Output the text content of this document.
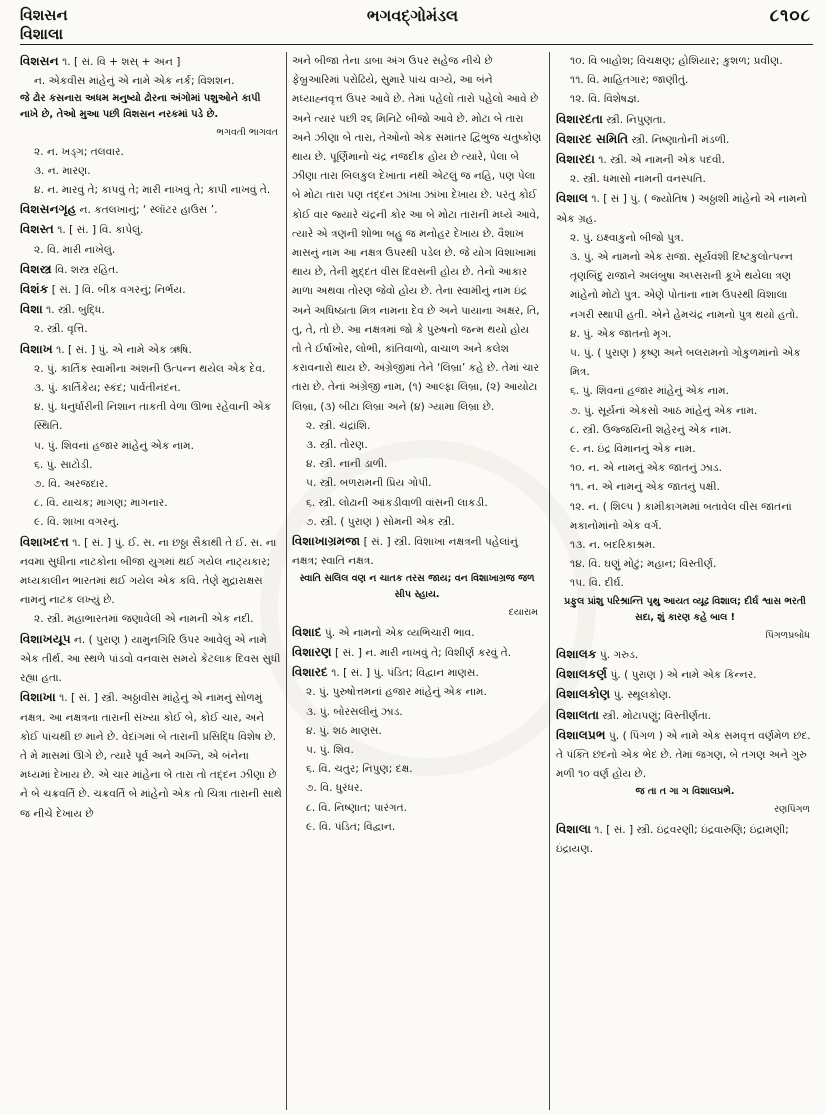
વિશસન
વિશાલા
ભગવદ્ગોમંડલ	૮૧૦૮
વિશસન ૧. [ સં. વિ + શસ્ + અન ]
ન. એકવીસ માંહેનું એ નામે એક નર્ક; વિશશન.
જે ઢોર કસનારા અધમ મનુષ્યો ઢોરના અંગોમાં પશુઓને કાપી નાખે છે, તેઓ મુઆ પછી વિશસન નરકમાં પડે છે.
ભગવતી ભાગવત
૨. ન. ખડ્ગ; તલવાર.
૩. ન. મારણ.
૪. ન. મારવું તે; કાપવું તે; મારી નાખવું તે; કાપી નાખવું તે.
વિશસનગૃહ ન. કતલખાનું; ‘ સ્લૉટર હાઉસ ’.
વિશસ્ત ૧. [ સં. ] વિ. કાપેલું.
૨. વિ. મારી નાખેલું.
વિશસ્ત્ર વિ. શસ્ત્ર રહિત.
વિશંક [ સં. ] વિ. બીક વગરનું; નિર્ભય.
વિશા ૧. સ્ત્રી. બુદ્ધિ.
૨. સ્ત્રી. વૃત્તિ.
વિશાખ ૧. [ સં. ] પું. એ નામે એક ઋષિ.
૨. પું. કાર્તિક સ્વામીના અંશની ઉત્પન્ન થયેલ એક દેવ.
૩. પું. કાર્તિકેય; સ્કંદ; પાર્વતીનંદન.
૪. પું. ધનુર્ધારીની નિશાન તાકતી વેળા ઊભા રહેવાની એક સ્થિતિ.
૫. પું. શિવનાં હજાર માંહેનું એક નામ.
૬. પું. સાટોડી.
૭. વિ. અરજદાર.
૮. વિ. યાચક; માગણ; માગનાર.
૯. વિ. શાખા વગરનું.
વિશાખદત્ત ૧. [ સં. ] પું. ઈ. સ. ના છઠ્ઠા સૈકાથી તે ઈ. સ. ના નવમા સુધીના નાટકોના બીજા યુગમાં થઈ ગયેલ નાટ્યકાર; મધ્યકાલીન ભારતમાં થઈ ગયેલ એક કવિ. તેણે મુદ્રારાક્ષસ નામનું નાટક લખ્યું છે.
૨. સ્ત્રી. મહાભારતમાં જણાવેલી એ નામની એક નદી.
વિશાખયૂપ ન. ( પુરાણ ) યામુનગિરિ ઉપર આવેલું એ નામે એક તીર્થ. આ સ્થળે પાંડવો વનવાસ સમયે કેટલાક દિવસ સુધી રહ્યા હતા.
વિશાખા ૧. [ સં. ] સ્ત્રી. અઠ્ઠાવીસ માંહેનું એ નામનું સોળમું નક્ષત્ર. આ નક્ષત્રના તારાની સંખ્યા કોઈ બે, કોઈ ચાર, અને કોઈ પાંચથી છ માને છે. વેદાંગમાં બે તારાની પ્રસિદ્ધિ વિશેષ છે. તે મે માસમાં ઊગે છે, ત્યારે પૂર્વ અને અગ્નિ, એ બંનેના મધ્યમાં દેખાય છે. એ ચાર માંહેના બે તારા તો તદ્દન ઝીણા છે ને બે ચક્રવર્તિ છે. ચક્રવર્તિ બે માંહેનો એક તો ચિત્રા તારાની સાથે જ નીચે દેખાય છે
અને બીજા તેના ડાબા અંગ ઉપર સહેજ નીચે છે ફેબ્રુઆરિમાં પરોઢિયે, સુમારે પાંચ વાગ્યે, આ બંને મધ્યાહ્નવૃત્ત ઉપર આવે છે. તેમાં પહેલો તારો પહેલો આવે છે અને ત્યાર પછી ૨૬ મિનિટે બીજો આવે છે. મોટા બે તારા અને ઝીણા બે તારા, તેઓનો એક સમાંતર દ્વિભુજ ચતુષ્કોણ થાય છે. પૂર્ણિમાનો ચંદ્ર નજદીક હોય છે ત્યારે, પેલા બે ઝીણા તારા બિલકુલ દેખાતા નથી એટલું જ નહિ, પણ પેલા બે મોટા તારા પણ તદ્દન ઝાંખા ઝાંખા દેખાય છે. પરંતુ કોઈ કોઈ વાર જ્યારે ચંદ્રની કોર આ બે મોટા તારાની મધ્યે આવે, ત્યારે એ ત્રણની શોભા બહુ જ મનોહર દેખાય છે. વૈશાખ માસનું નામ આ નક્ષત્ર ઉપરથી પડેલ છે. જે યોગ વિશાખામાં થાય છે, તેની મુદ્દત વીસ દિવસની હોય છે. તેનો આકાર માળા અથવા તોરણ જેવો હોય છે. તેના સ્વામીનું નામ ઇંદ્ર અને અધિષ્ઠાતા મિત્ર નામના દેવ છે અને પાયાના અક્ષર, તિ, તુ, તે, તો છે. આ નક્ષત્રમાં જો કે પુરુષનો જન્મ થયો હોય તો તે ઈર્ષાખોર, લોભી, કાંતિવાળો, વાચાળ અને કલેશ કરાવનારો થાય છે. અંગ્રેજીમાં તેને ‘લિબ્રા’ કહે છે. તેમાં ચાર તારા છે. તેનાં અંગ્રેજી નામ, (૧) આલ્ફા લિબ્રા, (૨) આયોટા લિબ્રા, (૩) બીટા લિબ્રા અને (૪) ગ્યામા લિબ્રા છે.
૨. સ્ત્રી. ચંદ્રાંશિ.
૩. સ્ત્રી. તોરણ.
૪. સ્ત્રી. નાની ડાળી.
૫. સ્ત્રી. બળરામની પ્રિય ગોપી.
૬. સ્ત્રી. લોઢાની આંકડીવાળી વાંસની લાકડી.
૭. સ્ત્રી. ( પુરાણ ) સોમની એક સ્ત્રી.
વિશાખાગ્રમજા [ સં. ] સ્ત્રી. વિશાખા નક્ષત્રની પહેલાંનું નક્ષત્ર; સ્વાતિ નક્ષત્ર.
સ્વાતિ સલિલ વણ ન ચાતક તરસ જાય; વન વિશાખાગ્રજ જળ સીપ સ્હાય.
દયારામ
વિશાદ પું. એ નામનો એક વ્યભિચારી ભાવ.
વિશારણ [ સં. ] ન. મારી નાખવું તે; વિશીર્ણ કરવું તે.
વિશારદ ૧. [ સં. ] પું. પંડિત; વિદ્વાન માણસ.
૨. પું. પુરુષોત્તમનાં હજાર માંહેનું એક નામ.
૩. પું. બોરસલીનું ઝાડ.
૪. પું. શઠ માણસ.
૫. પું. શિવ.
૬. વિ. ચતુર; નિપુણ; દક્ષ.
૭. વિ. ધુરંધર.
૮. વિ. નિષ્ણાત; પારંગત.
૯. વિ. પંડિત; વિદ્વાન.
૧૦. વિ બાહોશ; વિચક્ષણ; હોશિયાર; કુશળ; પ્રવીણ.
૧૧. વિ. માહિતગાર; જાણીતું.
૧૨. વિ. વિશેષજ્ઞ.
વિશારદતા સ્ત્રી. નિપુણતા.
વિશારદ સમિતિ સ્ત્રી. નિષ્ણાતોની મંડળી.
વિશારદા ૧. સ્ત્રી. એ નામની એક પદવી.
૨. સ્ત્રી. ધમાસો નામની વનસ્પતિ.
વિશાલ ૧. [ સં ] પું. ( જ્યોતિષ ) અઠ્ઠાશી માંહેનો એ નામનો એક ગ્રહ.
૨. પું. ઇક્ષ્વાકુનો બીજો પુત્ર.
૩. પું. એ નામનો એક રાજા. સૂર્યવંશી દિષ્ટકુલોત્પન્ન તૃણબિંદુ રાજાને અલંબુષા અપ્સરાની કૂખે થયેલા ત્રણ માંહેનો મોટો પુત્ર. એણે પોતાના નામ ઉપરથી વિશાલા નગરી સ્થાપી હતી. એને હેમચંદ્ર નામનો પુત્ર થયો હતો.
૪. પું. એક જાતનો મૃગ.
૫. પું. ( પુરાણ ) કૃષ્ણ અને બલરામનો ગોકુળમાંનો એક મિત્ર.
૬. પું. શિવનાં હજાર માંહેનું એક નામ.
૭. પું. સૂર્યનાં એકસો આઠ માંહેનું એક નામ.
૮. સ્ત્રી. ઉજ્જયિની શહેરનું એક નામ.
૯. ન. ઇંદ્ર વિમાનનું એક નામ.
૧૦. ન. એ નામનું એક જાતનું ઝાડ.
૧૧. ન. એ નામનું એક જાતનું પક્ષી.
૧૨. ન. ( શિલ્પ ) કામીકાગમમાં બતાવેલ વીસ જાતનાં મકાનોમાંનો એક વર્ગ.
૧૩. ન. બદરિકાશ્રમ.
૧૪. વિ. ઘણું મોટું; મહાન; વિસ્તીર્ણ.
૧૫. વિ. દીર્ઘ.
પ્રફુલ પ્રાંશુ પરિશ્રાન્તિ પૃથુ આયત વ્યૂઢ વિશાલ; દીર્ઘ શ્વાસ ભરતી સદા, શું કારણ કહે બાલ !
પિંગળપ્રબોધ
વિશાલક પું. ગરુડ.
વિશાલકર્ણ પું. ( પુરાણ ) એ નામે એક કિન્નર.
વિશાલકોણ પું. સ્થૂલકોણ.
વિશાલતા સ્ત્રી. મોટાપણું; વિસ્તીર્ણતા.
વિશાલપ્રભ પું. ( પિંગળ ) એ નામે એક સમવૃત્ત વર્ણમેળ છંદ. તે પંક્તિ છંદનો એક ભેદ છે. તેમાં જગણ, બે તગણ અને ગુરુ મળી ૧૦ વર્ણ હોય છે.
જ તા ત ગા ગ વિશાલપ્રભે.
રણપિંગળ
વિશાલા ૧. [ સં. ] સ્ત્રી. ઇંદ્રવરણી; ઇંદ્રવારુણિ; ઇંદ્રામણી; ઇંદ્રાયણ.
